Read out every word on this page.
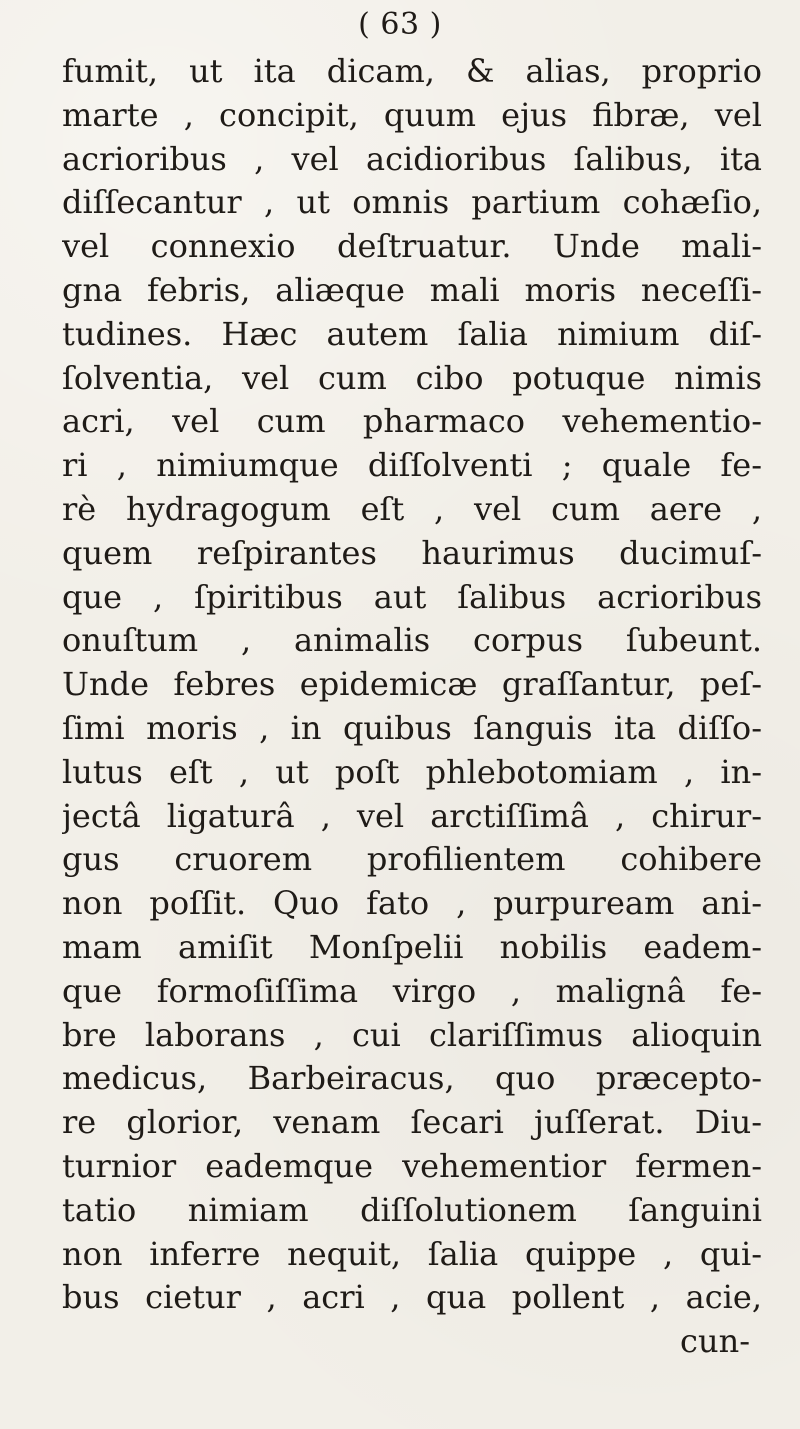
( 63 )
fumit, ut ita dicam, & alias, proprio
marte , concipit, quum ejus fibræ, vel
acrioribus , vel acidioribus ſalibus, ita
diſſecantur , ut omnis partium cohæſio,
vel connexio deſtruatur. Unde mali-
gna febris, aliæque mali moris neceſſi-
tudines. Hæc autem ſalia nimium diſ-
ſolventia, vel cum cibo potuque nimis
acri, vel cum pharmaco vehementio-
ri , nimiumque diſſolventi ; quale fe-
rè hydragogum eſt , vel cum aere ,
quem reſpirantes haurimus ducimuſ-
que , ſpiritibus aut ſalibus acrioribus
onuſtum , animalis corpus ſubeunt.
Unde febres epidemicæ graſſantur, peſ-
ſimi moris , in quibus ſanguis ita diſſo-
lutus eſt , ut poſt phlebotomiam , in-
jectâ ligaturâ , vel arctiſſimâ , chirur-
gus cruorem profilientem cohibere
non poſſit. Quo fato , purpuream ani-
mam amiſit Monſpelii nobilis eadem-
que formoſiſſima virgo , malignâ fe-
bre laborans , cui clariſſimus alioquin
medicus, Barbeiracus, quo præcepto-
re glorior, venam ſecari juſſerat. Diu-
turnior eademque vehementior fermen-
tatio nimiam diſſolutionem ſanguini
non inferre nequit, ſalia quippe , qui-
bus cietur , acri , qua pollent , acie,
cun-
